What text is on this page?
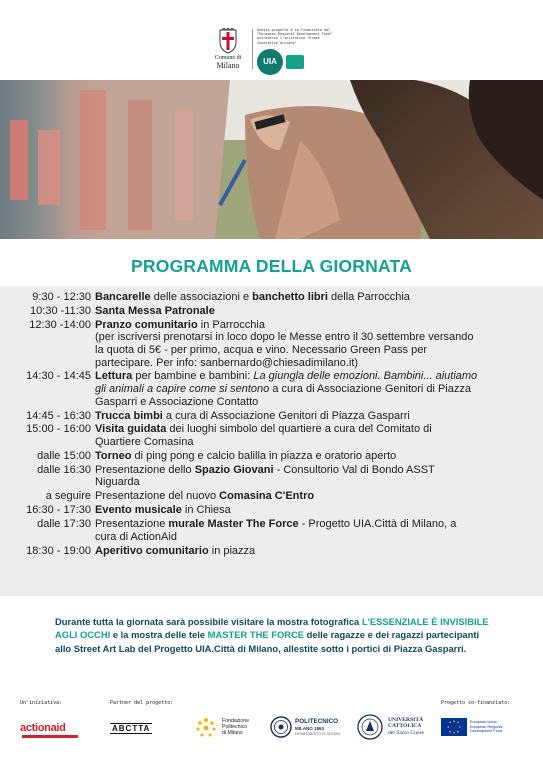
Comune di
Milano
Questo progetto è co-finanziato dal "European Regional Development Fund" attraverso l'iniziativa "Urban Innovative Actions"
UIA
PROGRAMMA DELLA GIORNATA
9:30 - 12:30 Bancarelle delle associazioni e banchetto libri della Parrocchia
10:30 -11:30 Santa Messa Patronale
12:30 -14:00 Pranzo comunitario in Parrocchia
(per iscriversi prenotarsi in loco dopo le Messe entro il 30 settembre versando la quota di 5€ - per primo, acqua e vino. Necessario Green Pass per partecipare. Per info: sanbernardo@chiesadimilano.it)
14:30 - 14:45 Lettura per bambine e bambini: La giungla delle emozioni. Bambini... aiutiamo gli animali a capire come si sentono a cura di Associazione Genitori di Piazza Gasparri e Associazione Contatto
14:45 - 16:30 Trucca bimbi a cura di Associazione Genitori di Piazza Gasparri
15:00 - 16:00 Visita guidata dei luoghi simbolo del quartiere a cura del Comitato di Quartiere Comasina
dalle 15:00 Torneo di ping pong e calcio balilla in piazza e oratorio aperto
dalle 16:30 Presentazione dello Spazio Giovani - Consultorio Val di Bondo ASST Niguarda
a seguire Presentazione del nuovo Comasina C'Entro
16:30 - 17:30 Evento musicale in Chiesa
dalle 17:30 Presentazione murale Master The Force - Progetto UIA.Città di Milano, a cura di ActionAid
18:30 - 19:00 Aperitivo comunitario in piazza
Durante tutta la giornata sarà possibile visitare la mostra fotografica L'ESSENZIALE È INVISIBILE AGLI OCCHI e la mostra delle tele MASTER THE FORCE delle ragazze e dei ragazzi partecipanti allo Street Art Lab del Progetto UIA.Città di Milano, allestite sotto i portici di Piazza Gasparri.
Un'iniziativa:	Partner del progetto:	Progetto co-finanziato:
actionaid	ABCTTA
Fondazione
Politecnico
di Milano
POLITECNICO
MILANO 1863
DIPARTIMENTO DI DESIGN
UNIVERSITÀ
CATTOLICA
del Sacro Cuore
European Union
European Regional
Development Fund
